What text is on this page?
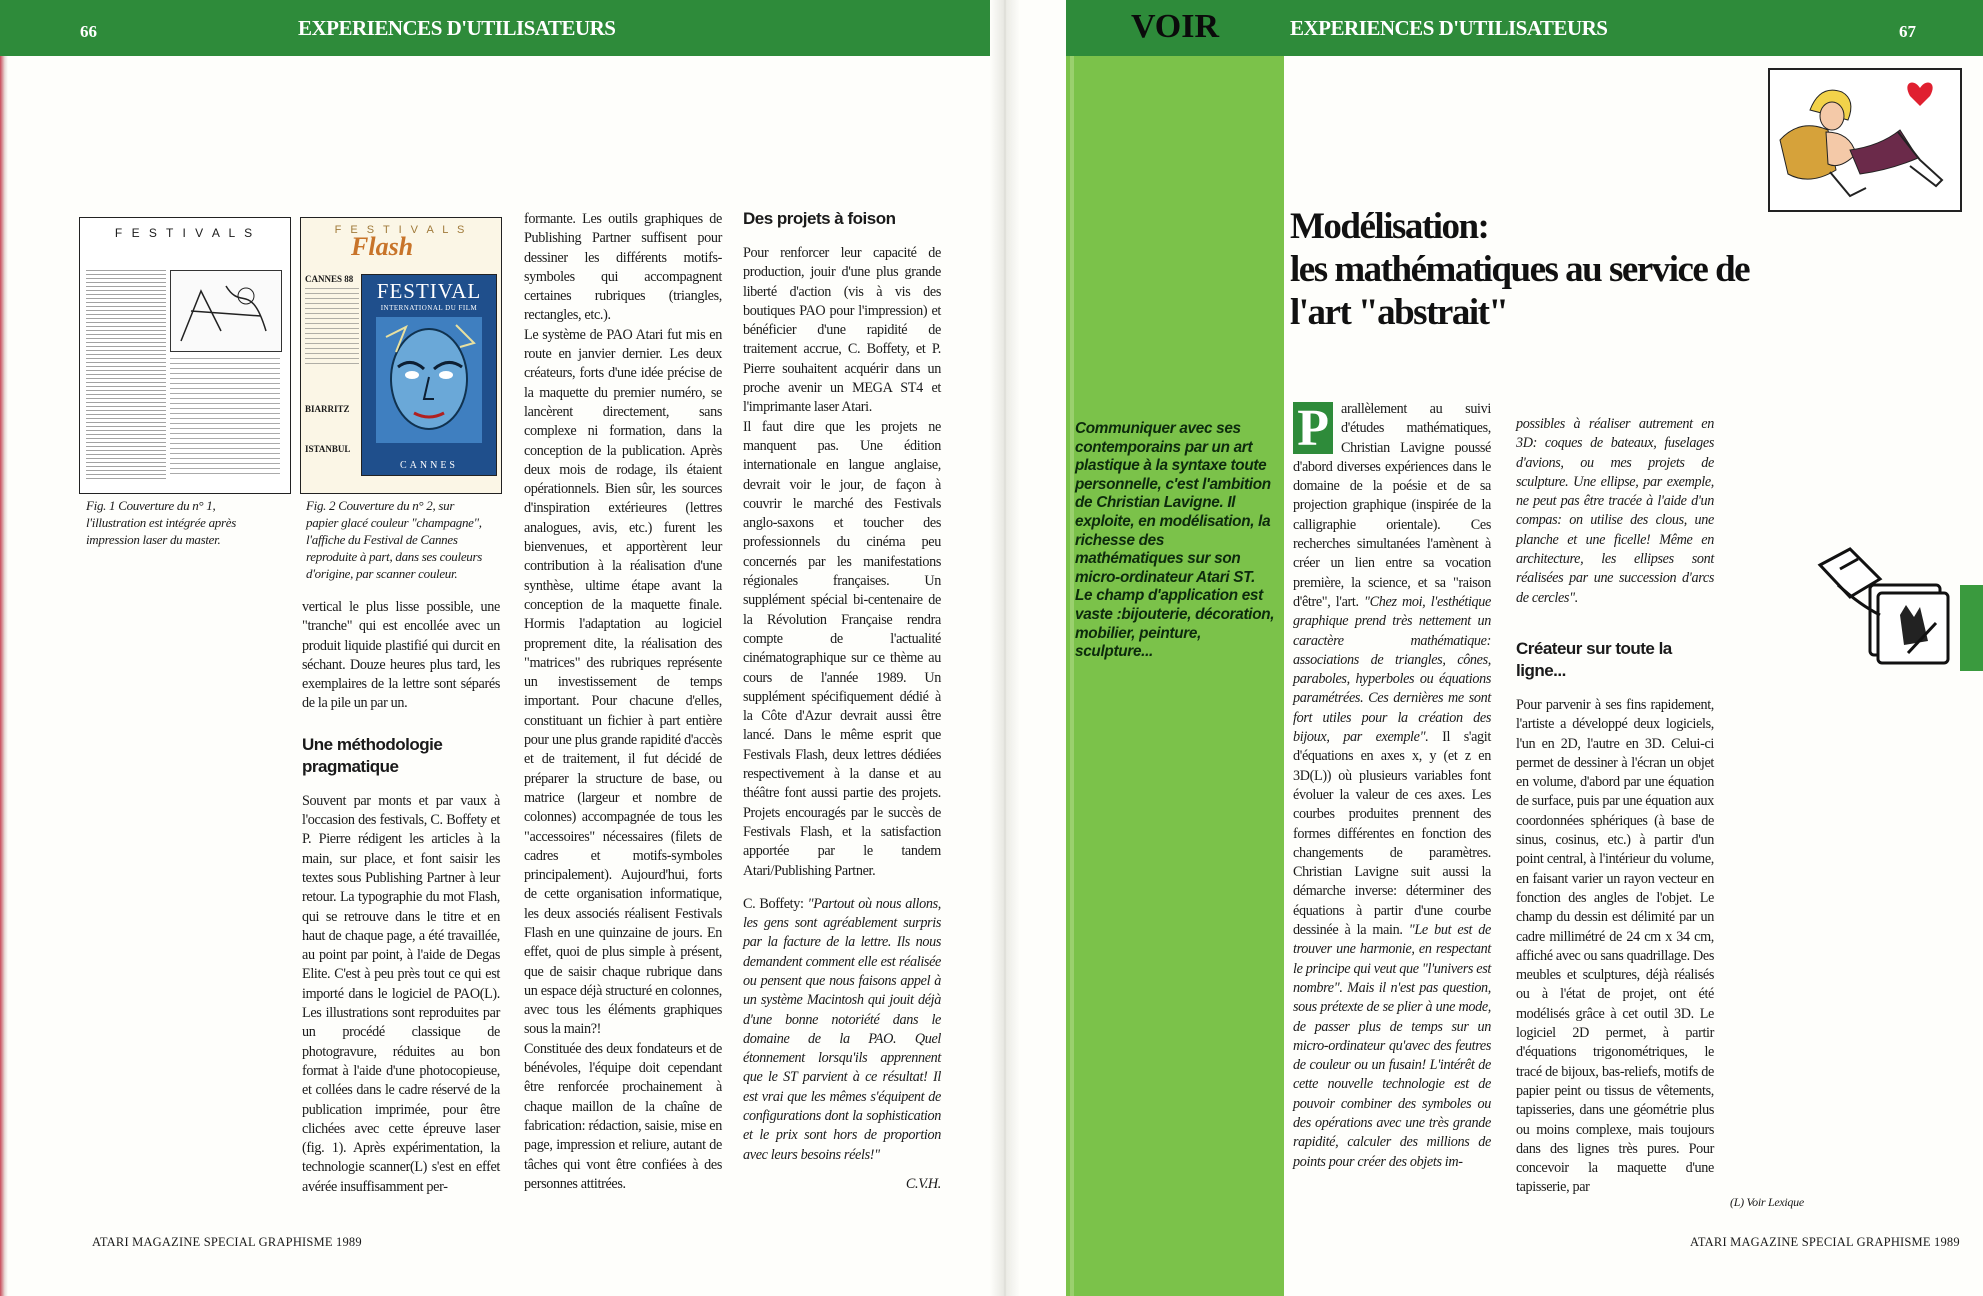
66	EXPERIENCES D'UTILISATEURS	EXPERIENCES D'UTILISATEURS	67
VOIR
Communiquer avec ses contemporains par un art plastique à la syntaxe toute personnelle, c'est l'ambition de Christian Lavigne. Il exploite, en modélisation, la richesse des mathématiques sur son micro-ordinateur Atari ST. Le champ d'application est vaste :bijouterie, décoration, mobilier, peinture, sculpture...
F E S T I V A L S
Fig. 1 Couverture du n° 1, l'illustration est intégrée après impression laser du master.
F E S T I V A L S
Flash
CANNES 88
BIARRITZ
ISTANBUL
FESTIVAL
INTERNATIONAL DU FILM
CANNES
Fig. 2 Couverture du n° 2, sur papier glacé couleur "champagne", l'affiche du Festival de Cannes reproduite à part, dans ses couleurs d'origine, par scanner couleur.

vertical le plus lisse possible, une "tranche" qui est encollée avec un produit liquide plastifié qui durcit en séchant. Douze heures plus tard, les exemplaires de la lettre sont séparés de la pile un par un.

Une méthodologie pragmatique

Souvent par monts et par vaux à l'occasion des festivals, C. Boffety et P. Pierre rédigent les articles à la main, sur place, et font saisir les textes sous Publishing Partner à leur retour. La typographie du mot Flash, qui se retrouve dans le titre et en haut de chaque page, a été travaillée, au point par point, à l'aide de Degas Elite. C'est à peu près tout ce qui est importé dans le logiciel de PAO(L). Les illustrations sont reproduites par un procédé classique de photogravure, réduites au bon format à l'aide d'une photocopieuse, et collées dans le cadre réservé de la publication imprimée, pour être clichées avec cette épreuve laser (fig. 1). Après expérimentation, la technologie scanner(L) s'est en effet avérée insuffisamment per-

formante. Les outils graphiques de Publishing Partner suffisent pour dessiner les différents motifs-symboles qui accompagnent certaines rubriques (triangles, rectangles, etc.).

Le système de PAO Atari fut mis en route en janvier dernier. Les deux créateurs, forts d'une idée précise de la maquette du premier numéro, se lancèrent directement, sans complexe ni formation, dans la conception de la publication. Après deux mois de rodage, ils étaient opérationnels. Bien sûr, les sources d'inspiration extérieures (lettres analogues, avis, etc.) furent les bienvenues, et apportèrent leur contribution à la réalisation d'une synthèse, ultime étape avant la conception de la maquette finale. Hormis l'adaptation au logiciel proprement dite, la réalisation des "matrices" des rubriques représente un investissement de temps important. Pour chacune d'elles, constituant un fichier à part entière pour une plus grande rapidité d'accès et de traitement, il fut décidé de préparer la structure de base, ou matrice (largeur et nombre de colonnes) accompagnée de tous les "accessoires" nécessaires (filets de cadres et motifs-symboles principalement). Aujourd'hui, forts de cette organisation informatique, les deux associés réalisent Festivals Flash en une quinzaine de jours. En effet, quoi de plus simple à présent, que de saisir chaque rubrique dans un espace déjà structuré en colonnes, avec tous les éléments graphiques sous la main?!

Constituée des deux fondateurs et de bénévoles, l'équipe doit cependant être renforcée prochainement à chaque maillon de la chaîne de fabrication: rédaction, saisie, mise en page, impression et reliure, autant de tâches qui vont être confiées à des personnes attitrées.

Des projets à foison

Pour renforcer leur capacité de production, jouir d'une plus grande liberté d'action (vis à vis des boutiques PAO pour l'impression) et bénéficier d'une rapidité de traitement accrue, C. Boffety, et P. Pierre souhaitent acquérir dans un proche avenir un MEGA ST4 et l'imprimante laser Atari.

Il faut dire que les projets ne manquent pas. Une édition internationale en langue anglaise, devrait voir le jour, de façon à couvrir le marché des Festivals anglo-saxons et toucher des professionnels du cinéma peu concernés par les manifestations régionales françaises. Un supplément spécial bi-centenaire de la Révolution Française rendra compte de l'actualité cinématographique sur ce thème au cours de l'année 1989. Un supplément spécifiquement dédié à la Côte d'Azur devrait aussi être lancé. Dans le même esprit que Festivals Flash, deux lettres dédiées respectivement à la danse et au théâtre font aussi partie des projets. Projets encouragés par le succès de Festivals Flash, et la satisfaction apportée par le tandem Atari/Publishing Partner.

C. Boffety: "Partout où nous allons, les gens sont agréablement surpris par la facture de la lettre. Ils nous demandent comment elle est réalisée ou pensent que nous faisons appel à un système Macintosh qui jouit déjà d'une bonne notoriété dans le domaine de la PAO. Quel étonnement lorsqu'ils apprennent que le ST parvient à ce résultat! Il est vrai que les mêmes s'équipent de configurations dont la sophistication et le prix sont hors de proportion avec leurs besoins réels!"

C.V.H.

ATARI MAGAZINE SPECIAL GRAPHISME 1989
Modélisation:
les mathématiques au service de l'art "abstrait"

P arallèlement au suivi d'études mathématiques, Christian Lavigne poussé d'abord diverses expériences dans le domaine de la poésie et de sa projection graphique (inspirée de la calligraphie orientale). Ces recherches simultanées l'amènent à créer un lien entre sa vocation première, la science, et sa "raison d'être", l'art. "Chez moi, l'esthétique graphique prend très nettement un caractère mathématique: associations de triangles, cônes, paraboles, hyperboles ou équations paramétrées. Ces dernières me sont fort utiles pour la création des bijoux, par exemple". Il s'agit d'équations en axes x, y (et z en 3D(L)) où plusieurs variables font évoluer la valeur de ces axes. Les courbes produites prennent des formes différentes en fonction des changements de paramètres. Christian Lavigne suit aussi la démarche inverse: déterminer des équations à partir d'une courbe dessinée à la main. "Le but est de trouver une harmonie, en respectant le principe qui veut que "l'univers est nombre". Mais il n'est pas question, sous prétexte de se plier à une mode, de passer plus de temps sur un micro-ordinateur qu'avec des feutres de couleur ou un fusain! L'intérêt de cette nouvelle technologie est de pouvoir combiner des symboles ou des opérations avec une très grande rapidité, calculer des millions de points pour créer des objets im-

possibles à réaliser autrement en 3D: coques de bateaux, fuselages d'avions, ou mes projets de sculpture. Une ellipse, par exemple, ne peut pas être tracée à l'aide d'un compas: on utilise des clous, une planche et une ficelle! Même en architecture, les ellipses sont réalisées par une succession d'arcs de cercles".

Créateur sur toute la ligne...

Pour parvenir à ses fins rapidement, l'artiste a développé deux logiciels, l'un en 2D, l'autre en 3D. Celui-ci permet de dessiner à l'écran un objet en volume, d'abord par une équation de surface, puis par une équation aux coordonnées sphériques (à base de sinus, cosinus, etc.) à partir d'un point central, à l'intérieur du volume, en faisant varier un rayon vecteur en fonction des angles de l'objet. Le champ du dessin est délimité par un cadre millimétré de 24 cm x 34 cm, affiché avec ou sans quadrillage. Des meubles et sculptures, déjà réalisés ou à l'état de projet, ont été modélisés grâce à cet outil 3D. Le logiciel 2D permet, à partir d'équations trigonométriques, le tracé de bijoux, bas-reliefs, motifs de papier peint ou tissus de vêtements, tapisseries, dans une géométrie plus ou moins complexe, mais toujours dans des lignes très pures. Pour concevoir la maquette d'une tapisserie, par

(L) Voir Lexique
ATARI MAGAZINE SPECIAL GRAPHISME 1989
